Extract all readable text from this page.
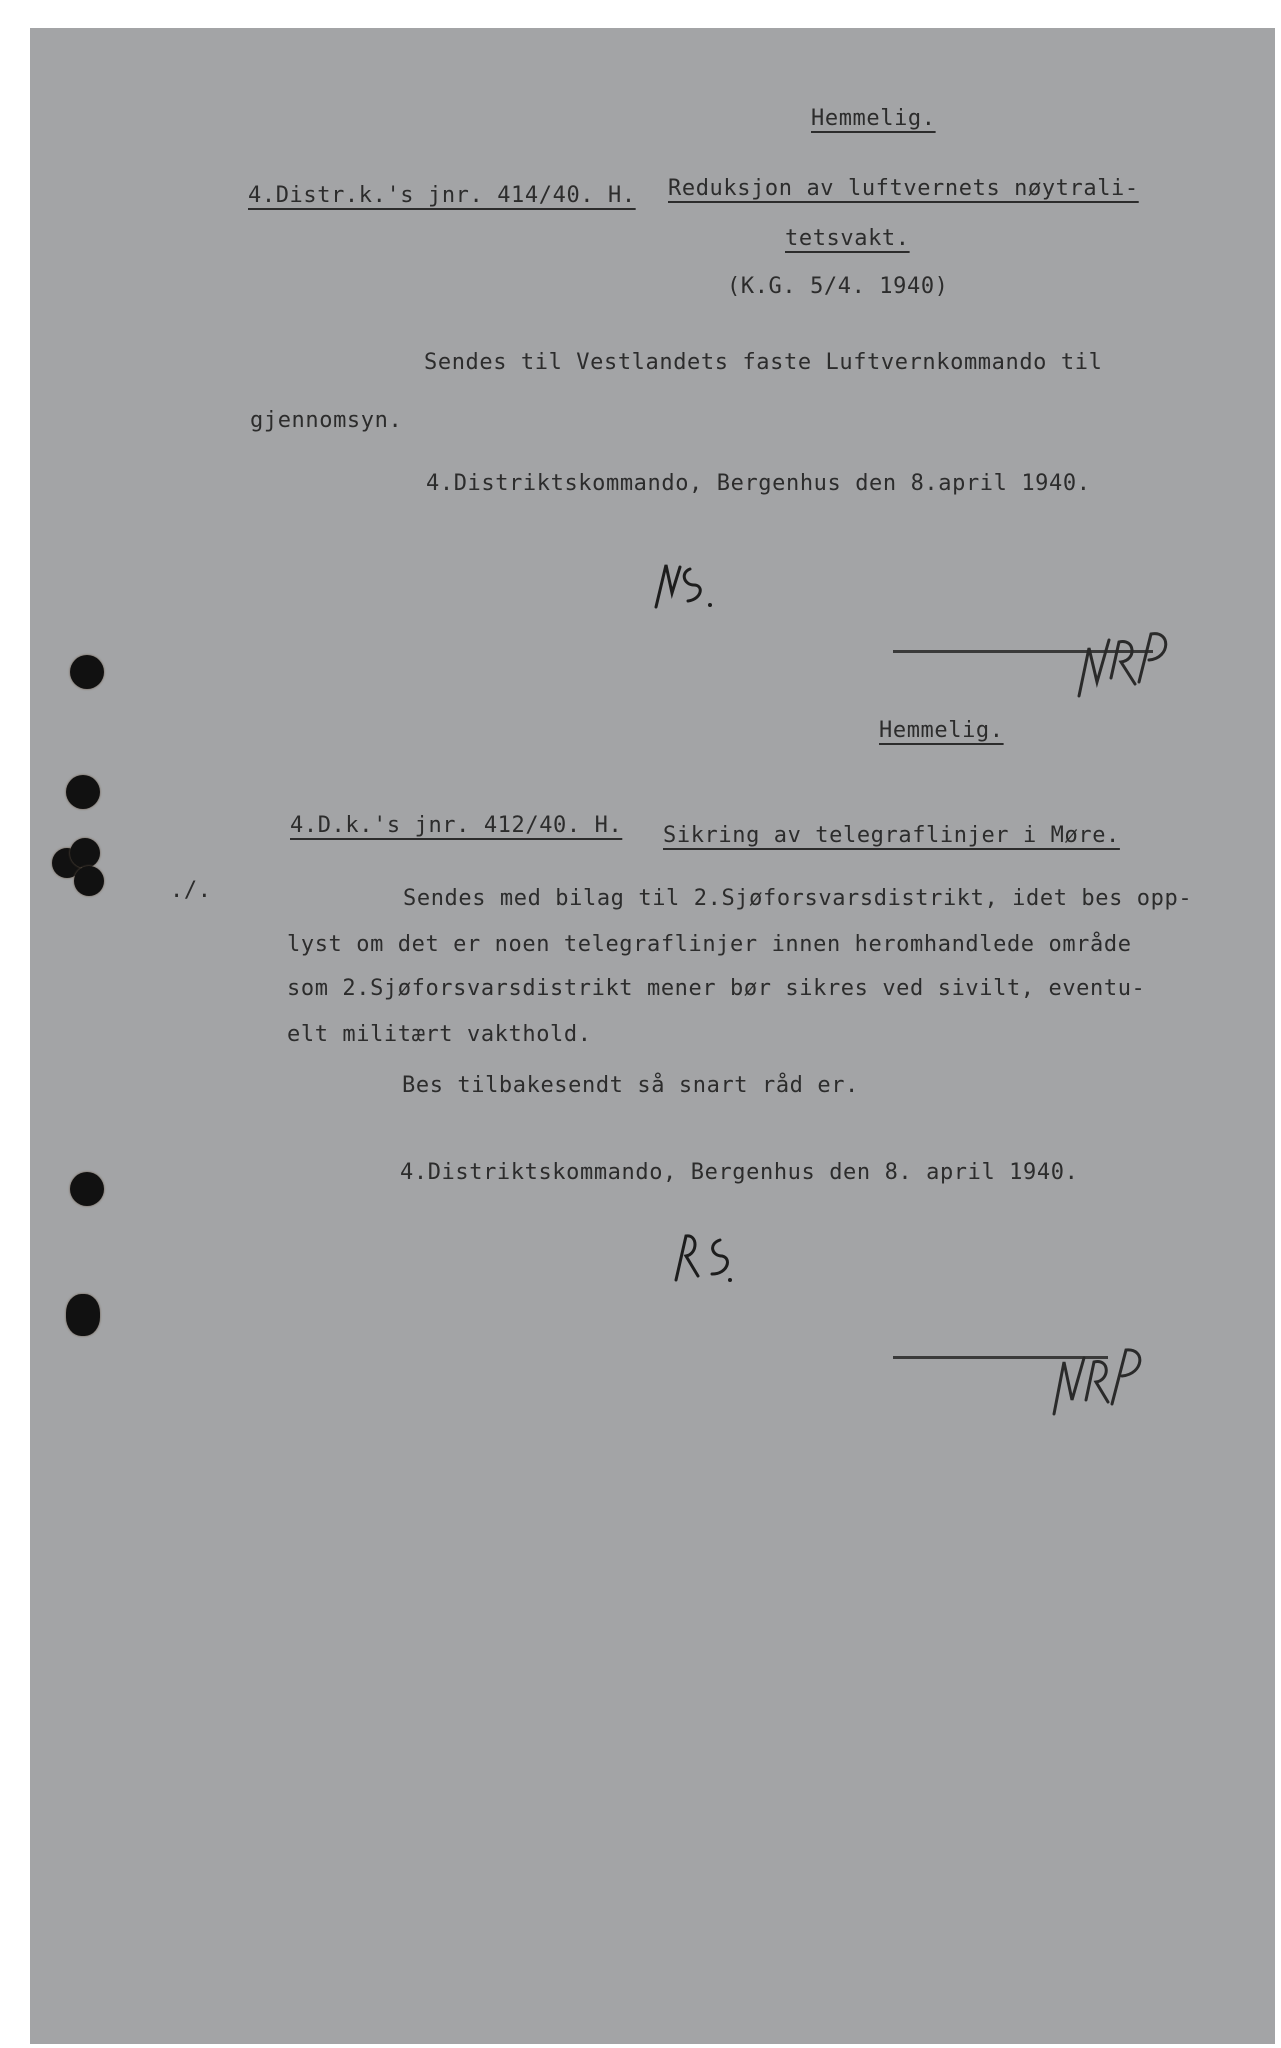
Hemmelig.
4.Distr.k.'s jnr. 414/40. H. Reduksjon av luftvernets nøytrali-
tetsvakt.
(K.G. 5/4. 1940)
Sendes til Vestlandets faste Luftvernkommando til
gjennomsyn.
4.Distriktskommando, Bergenhus den 8.april 1940.
Hemmelig.
4.D.k.'s jnr. 412/40. H. Sikring av telegraflinjer i Møre.
./.	Sendes med bilag til 2.Sjøforsvarsdistrikt, idet bes opp-
lyst om det er noen telegraflinjer innen heromhandlede område
som 2.Sjøforsvarsdistrikt mener bør sikres ved sivilt, eventu-
elt militært vakthold.
Bes tilbakesendt så snart råd er.
4.Distriktskommando, Bergenhus den 8. april 1940.
